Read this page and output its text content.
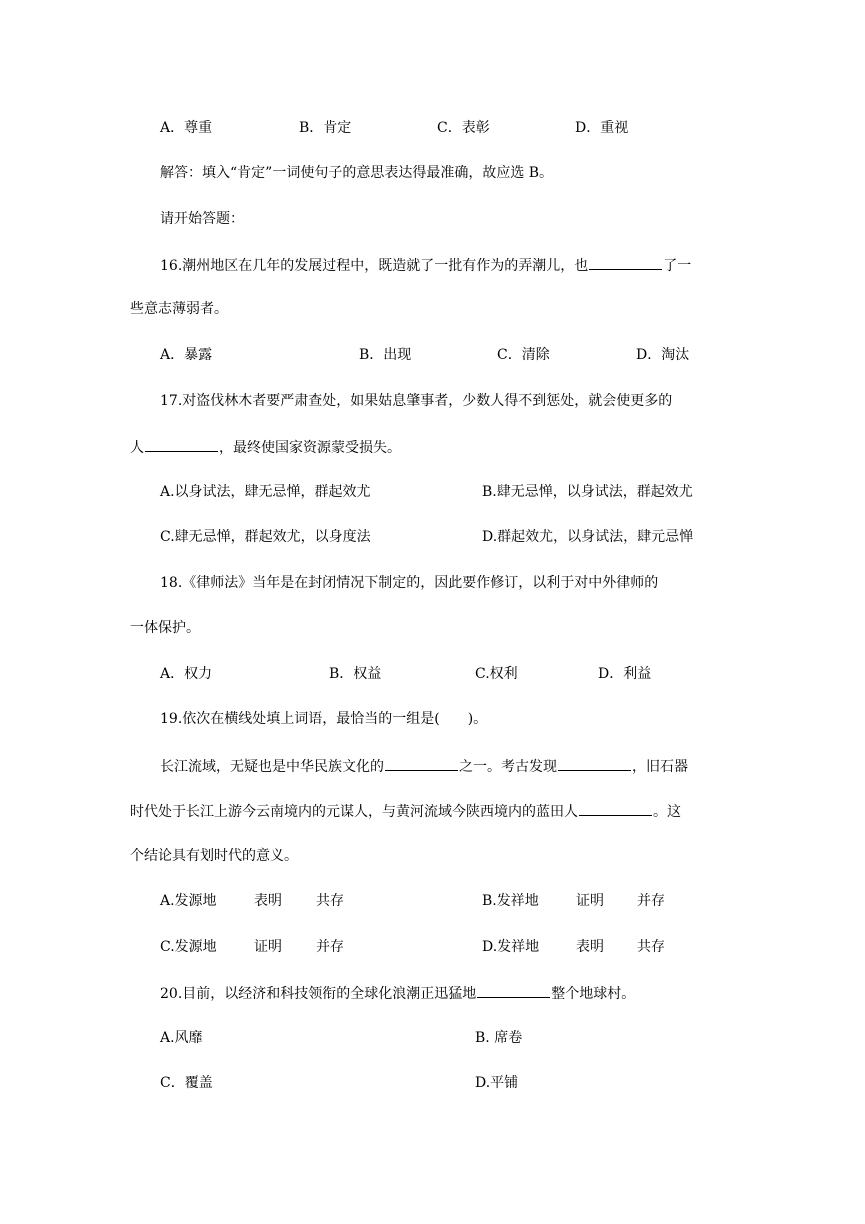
A．尊重	B．肯定	C．表彰	D．重视
解答：填入“肯定”一词使句子的意思表达得最准确，故应选 B。
请开始答题：
16.潮州地区在几年的发展过程中，既造就了一批有作为的弄潮儿，也	了一
些意志薄弱者。
A．暴露	B．出现	C．清除	D．淘汰
17.对盗伐林木者要严肃查处，如果姑息肇事者，少数人得不到惩处，就会使更多的
人	，最终使国家资源蒙受损失。
A.以身试法，肆无忌惮，群起效尤	B.肆无忌惮，以身试法，群起效尤
C.肆无忌惮，群起效尤，以身度法	D.群起效尤，以身试法，肆元忌惮
18.《律师法》当年是在封闭情况下制定的，因此要作修订，以利于对中外律师的
一体保护。
A．权力	B．权益	C.权利	D．利益
19.依次在横线处填上词语，最恰当的一组是(　　)。
长江流域，无疑也是中华民族文化的	之一。考古发现	，旧石器
时代处于长江上游今云南境内的元谋人，与黄河流域今陕西境内的蓝田人	。这
个结论具有划时代的意义。
A.发源地	表明 共存	B.发祥地	证明 并存
C.发源地	证明 并存	D.发祥地	表明 共存
20.目前，以经济和科技领衔的全球化浪潮正迅猛地	整个地球村。
A.风靡	B. 席卷
C．覆盖	D.平铺
